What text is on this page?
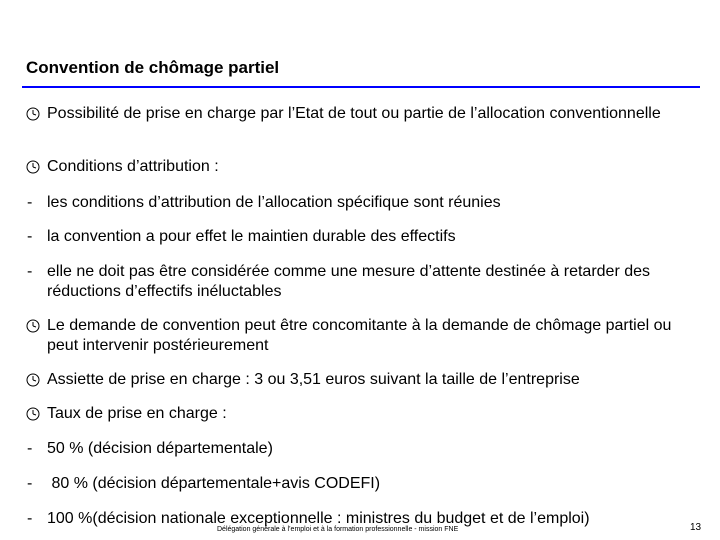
Convention de chômage partiel
Possibilité de prise en charge par l’Etat de tout ou partie de l’allocation conventionnelle
Conditions d’attribution :
- les conditions d’attribution de l’allocation spécifique sont réunies
- la convention a pour effet le maintien durable des effectifs
- elle ne doit pas être considérée comme une mesure d’attente destinée à retarder des réductions d’effectifs inéluctables
Le demande de convention peut être concomitante à la demande de chômage partiel ou peut intervenir postérieurement
Assiette de prise en charge : 3 ou 3,51 euros suivant la taille de l’entreprise
Taux de prise en charge :
- 50 % (décision départementale)
- 80 % (décision départementale+avis CODEFI)
- 100 %(décision nationale exceptionnelle : ministres du budget et de l’emploi)
Délégation générale à l’emploi et à la formation professionnelle - mission FNE	13
